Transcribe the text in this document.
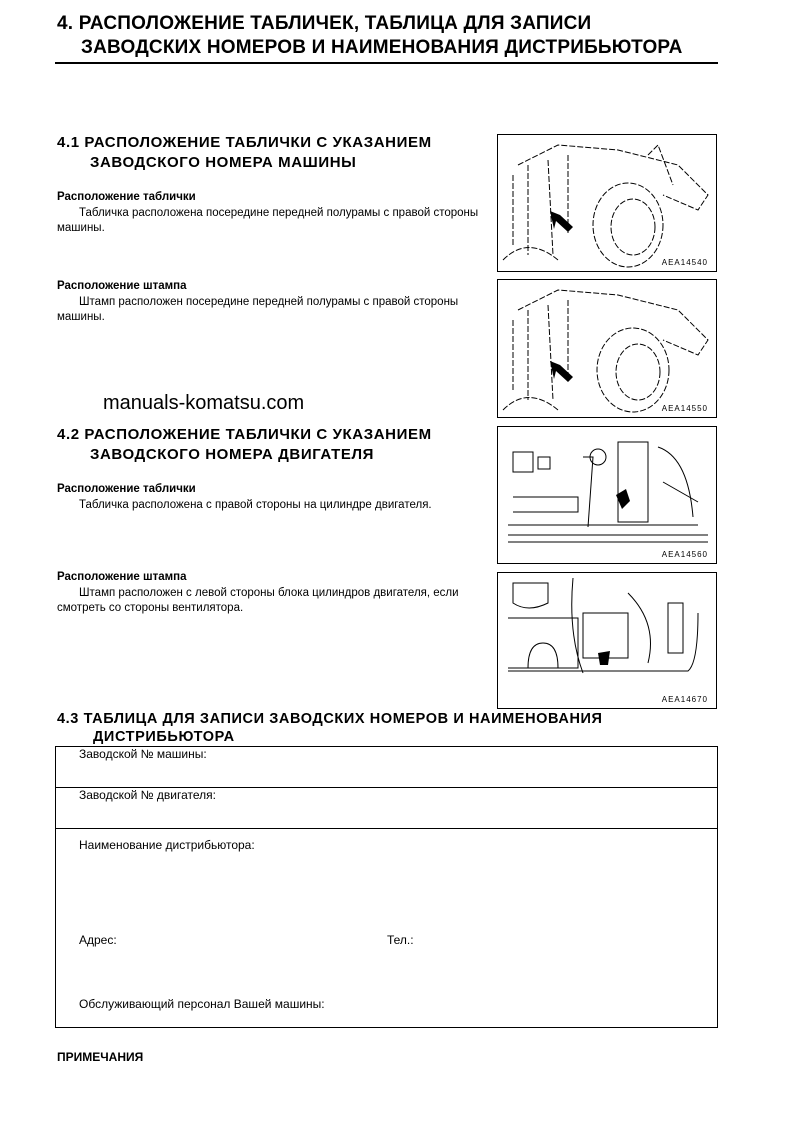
4. РАСПОЛОЖЕНИЕ ТАБЛИЧЕК, ТАБЛИЦА ДЛЯ ЗАПИСИ
ЗАВОДСКИХ НОМЕРОВ И НАИМЕНОВАНИЯ ДИСТРИБЬЮТОРА
4.1 РАСПОЛОЖЕНИЕ ТАБЛИЧКИ С УКАЗАНИЕМ
ЗАВОДСКОГО НОМЕРА МАШИНЫ
Расположение таблички
Табличка расположена посередине передней полурамы с правой стороны машины.
Расположение штампа
Штамп расположен посередине передней полурамы с правой стороны машины.
AEA14540
AEA14550
manuals-komatsu.com
4.2 РАСПОЛОЖЕНИЕ ТАБЛИЧКИ С УКАЗАНИЕМ
ЗАВОДСКОГО НОМЕРА ДВИГАТЕЛЯ
Расположение таблички
Табличка расположена с правой стороны на цилиндре двигателя.
Расположение штампа
Штамп расположен с левой стороны блока цилиндров двигателя, если смотреть со стороны вентилятора.
AEA14560
AEA14670
4.3 ТАБЛИЦА ДЛЯ ЗАПИСИ ЗАВОДСКИХ НОМЕРОВ И НАИМЕНОВАНИЯ
ДИСТРИБЬЮТОРА
Заводской № машины:
Заводской № двигателя:

Наименование дистрибьютора:
Адрес:	Тел.:
Обслуживающий персонал Вашей машины:
ПРИМЕЧАНИЯ
